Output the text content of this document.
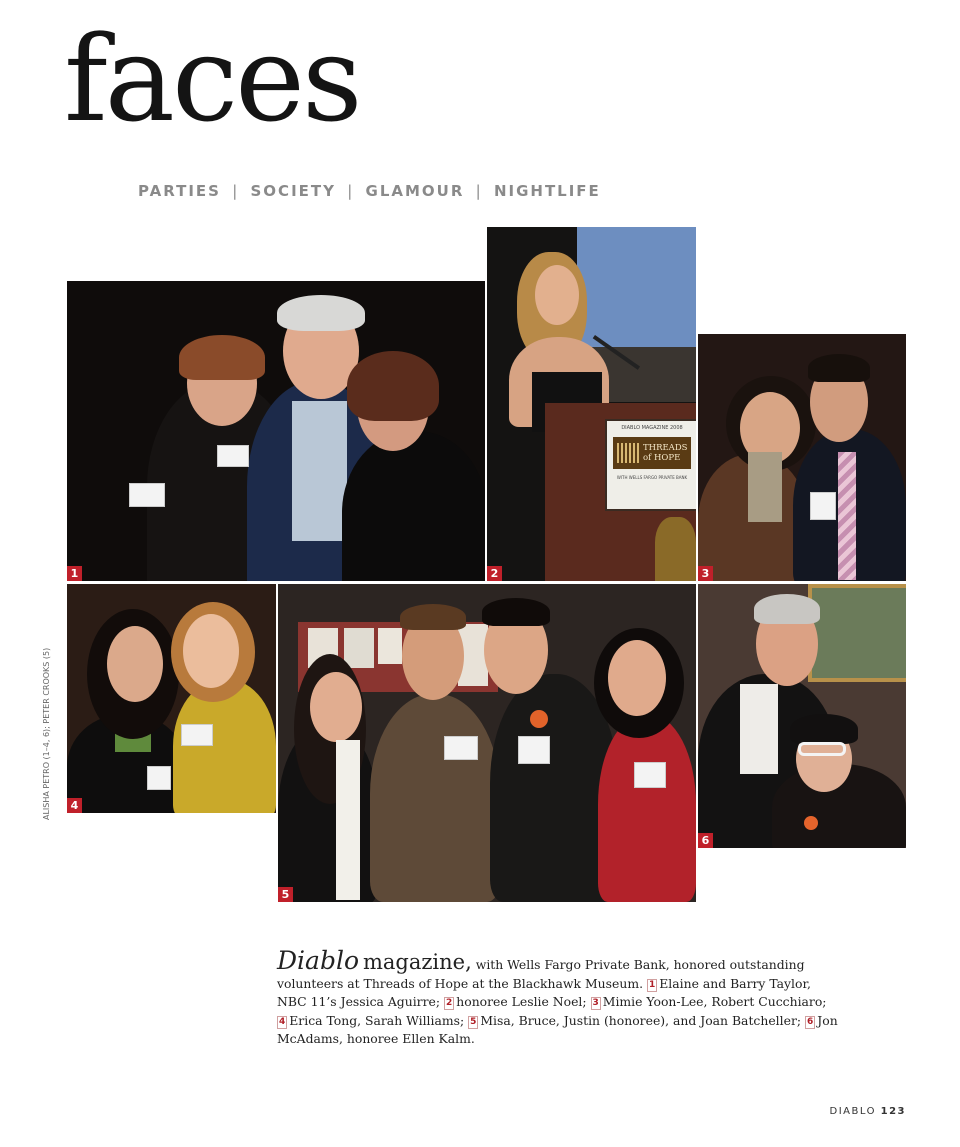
faces
PARTIES | SOCIETY | GLAMOUR | NIGHTLIFE
ALISHA PETRO (1–4, 6); PETER CROOKS (5)
1
DIABLO MAGAZINE 2008
THREADS of HOPE
WITH WELLS FARGO PRIVATE BANK
2	3
4
5
6
Diablo magazine, with Wells Fargo Private Bank, honored outstanding volunteers at Threads of Hope at the Blackhawk Museum. 1 Elaine and Barry Taylor, NBC 11’s Jessica Aguirre; 2 honoree Leslie Noel; 3 Mimie Yoon-Lee, Robert Cucchiaro; 4 Erica Tong, Sarah Williams; 5 Misa, Bruce, Justin (honoree), and Joan Batcheller; 6 Jon McAdams, honoree Ellen Kalm.
DIABLO 123
